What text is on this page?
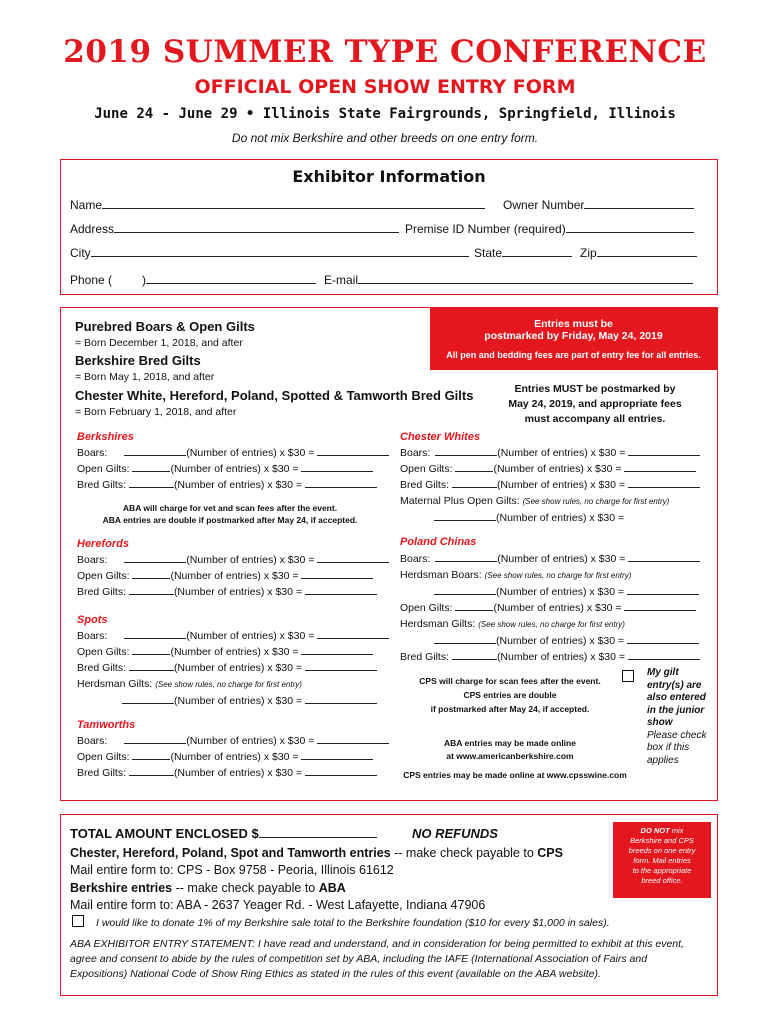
2019 SUMMER TYPE CONFERENCE
OFFICIAL OPEN SHOW ENTRY FORM
June 24 - June 29 • Illinois State Fairgrounds, Springfield, Illinois
Do not mix Berkshire and other breeds on one entry form.
Exhibitor Information
Name	Owner Number
Address	Premise ID Number (required)
City	State	Zip
Phone (	)	E-mail
Entries must be
postmarked by Friday, May 24, 2019
All pen and bedding fees are part of entry fee for all entries.
Purebred Boars & Open Gilts
= Born December 1, 2018, and after
Berkshire Bred Gilts
= Born May 1, 2018, and after
Chester White, Hereford, Poland, Spotted & Tamworth Bred Gilts
= Born February 1, 2018, and after
Entries MUST be postmarked by
May 24, 2019, and appropriate fees
must accompany all entries.
Berkshires
Boars:	(Number of entries) x $30 =
Open Gilts:	(Number of entries) x $30 =
Bred Gilts:	(Number of entries) x $30 =
ABA will charge for vet and scan fees after the event.
ABA entries are double if postmarked after May 24, if accepted.
Herefords
Boars:	(Number of entries) x $30 =
Open Gilts:	(Number of entries) x $30 =
Bred Gilts:	(Number of entries) x $30 =
Spots
Boars:	(Number of entries) x $30 =
Open Gilts:	(Number of entries) x $30 =
Bred Gilts:	(Number of entries) x $30 =
Herdsman Gilts: (See show rules, no charge for first entry)
(Number of entries) x $30 =
Tamworths
Boars:	(Number of entries) x $30 =
Open Gilts:	(Number of entries) x $30 =
Bred Gilts:	(Number of entries) x $30 =
Chester Whites
Boars:	(Number of entries) x $30 =
Open Gilts:	(Number of entries) x $30 =
Bred Gilts:	(Number of entries) x $30 =
Maternal Plus Open Gilts: (See show rules, no charge for first entry)
(Number of entries) x $30 =
Poland Chinas
Boars:	(Number of entries) x $30 =
Herdsman Boars: (See show rules, no charge for first entry)
(Number of entries) x $30 =
Open Gilts:	(Number of entries) x $30 =
Herdsman Gilts: (See show rules, no charge for first entry)
(Number of entries) x $30 =
Bred Gilts:	(Number of entries) x $30 =
CPS will charge for scan fees after the event.
CPS entries are double
if postmarked after May 24, if accepted.
ABA entries may be made online
at www.americanberkshire.com
CPS entries may be made online at www.cpsswine.com
My gilt
entry(s) are
also entered
in the junior
show
Please check
box if this
applies
DO NOT mix
Berkshire and CPS
breeds on one entry
form. Mail entries
to the appropriate
breed office.
TOTAL AMOUNT ENCLOSED $	NO REFUNDS
Chester, Hereford, Poland, Spot and Tamworth entries -- make check payable to CPS
Mail entire form to: CPS - Box 9758 - Peoria, Illinois 61612
Berkshire entries -- make check payable to ABA
Mail entire form to: ABA - 2637 Yeager Rd. - West Lafayette, Indiana 47906
I would like to donate 1% of my Berkshire sale total to the Berkshire foundation ($10 for every $1,000 in sales).
ABA EXHIBITOR ENTRY STATEMENT: I have read and understand, and in consideration for being permitted to exhibit at this event, agree and consent to abide by the rules of competition set by ABA, including the IAFE (International Association of Fairs and Expositions) National Code of Show Ring Ethics as stated in the rules of this event (available on the ABA website).
